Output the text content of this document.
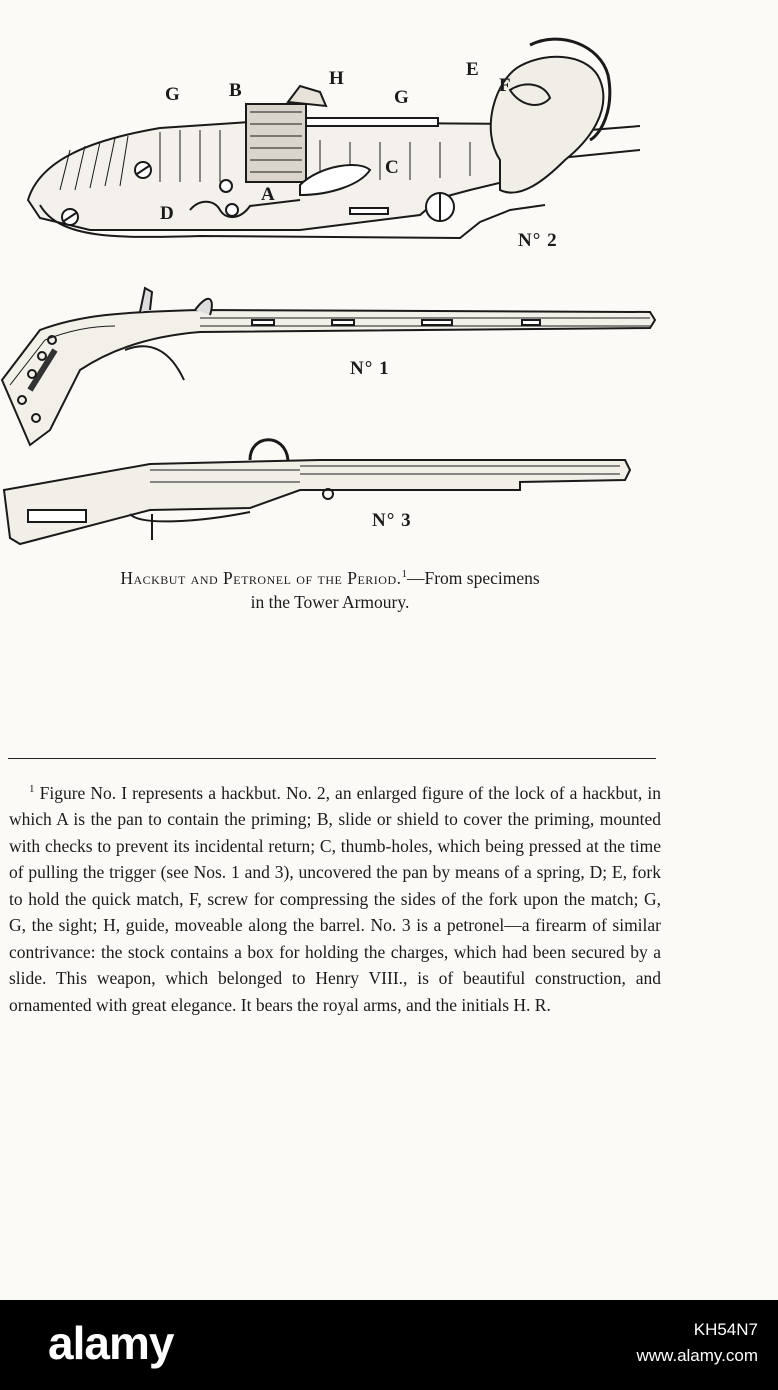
G	B
H
G
E
F
C
A
D
N° 2
N° 1
N° 3
Hackbut and Petronel of the Period.$^1$—From specimens
in the Tower Armoury.

$^1$ Figure No. I represents a hackbut. No. 2, an enlarged figure of the lock of a hackbut, in which A is the pan to contain the priming; B, slide or shield to cover the priming, mounted with checks to prevent its incidental return; C, thumb-holes, which being pressed at the time of pulling the trigger (see Nos. 1 and 3), uncovered the pan by means of a spring, D; E, fork to hold the quick match, F, screw for compressing the sides of the fork upon the match; G, G, the sight; H, guide, moveable along the barrel. No. 3 is a petronel—a firearm of similar contrivance: the stock contains a box for holding the charges, which had been secured by a slide. This weapon, which belonged to Henry VIII., is of beautiful construction, and ornamented with great elegance. It bears the royal arms, and the initials H. R.

alamy	KH54N7
www.alamy.com
